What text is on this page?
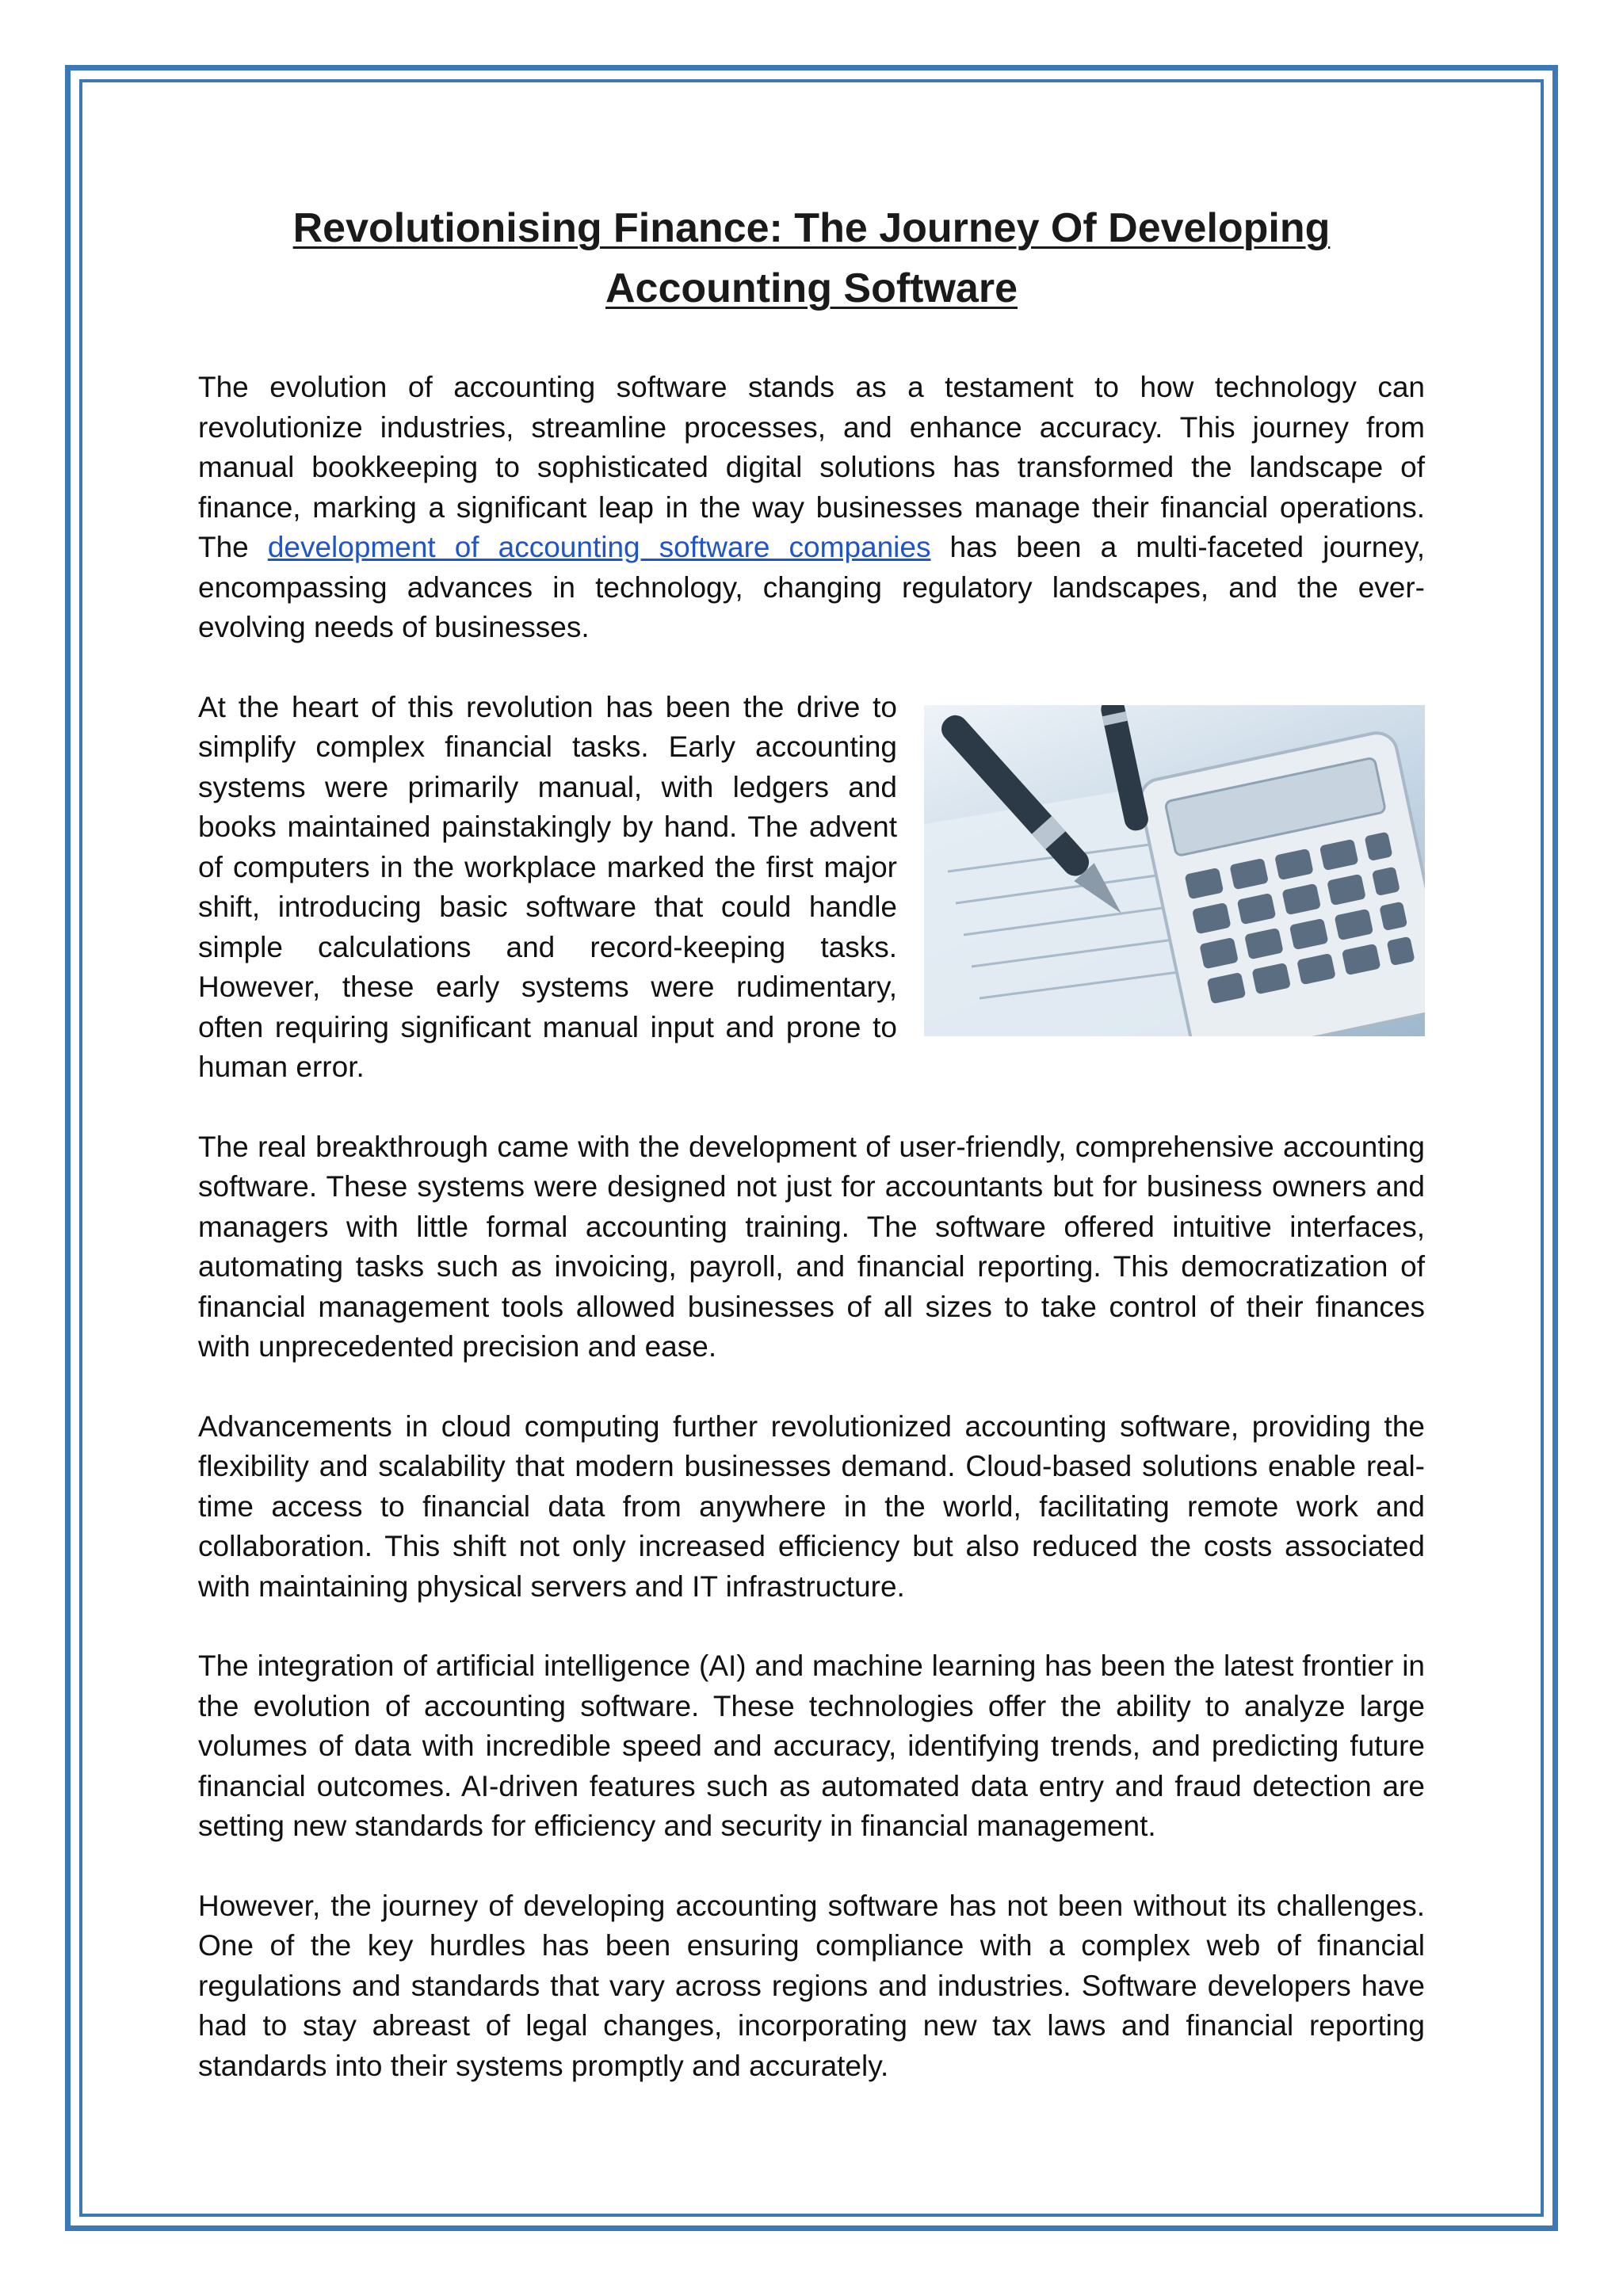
Revolutionising Finance: The Journey Of Developing Accounting Software

The evolution of accounting software stands as a testament to how technology can revolutionize industries, streamline processes, and enhance accuracy. This journey from manual bookkeeping to sophisticated digital solutions has transformed the landscape of finance, marking a significant leap in the way businesses manage their financial operations. The development of accounting software companies has been a multi-faceted journey, encompassing advances in technology, changing regulatory landscapes, and the ever-evolving needs of businesses.

At the heart of this revolution has been the drive to simplify complex financial tasks. Early accounting systems were primarily manual, with ledgers and books maintained painstakingly by hand. The advent of computers in the workplace marked the first major shift, introducing basic software that could handle simple calculations and record-keeping tasks. However, these early systems were rudimentary, often requiring significant manual input and prone to human error.

The real breakthrough came with the development of user-friendly, comprehensive accounting software. These systems were designed not just for accountants but for business owners and managers with little formal accounting training. The software offered intuitive interfaces, automating tasks such as invoicing, payroll, and financial reporting. This democratization of financial management tools allowed businesses of all sizes to take control of their finances with unprecedented precision and ease.

Advancements in cloud computing further revolutionized accounting software, providing the flexibility and scalability that modern businesses demand. Cloud-based solutions enable real-time access to financial data from anywhere in the world, facilitating remote work and collaboration. This shift not only increased efficiency but also reduced the costs associated with maintaining physical servers and IT infrastructure.

The integration of artificial intelligence (AI) and machine learning has been the latest frontier in the evolution of accounting software. These technologies offer the ability to analyze large volumes of data with incredible speed and accuracy, identifying trends, and predicting future financial outcomes. AI-driven features such as automated data entry and fraud detection are setting new standards for efficiency and security in financial management.

However, the journey of developing accounting software has not been without its challenges. One of the key hurdles has been ensuring compliance with a complex web of financial regulations and standards that vary across regions and industries. Software developers have had to stay abreast of legal changes, incorporating new tax laws and financial reporting standards into their systems promptly and accurately.
